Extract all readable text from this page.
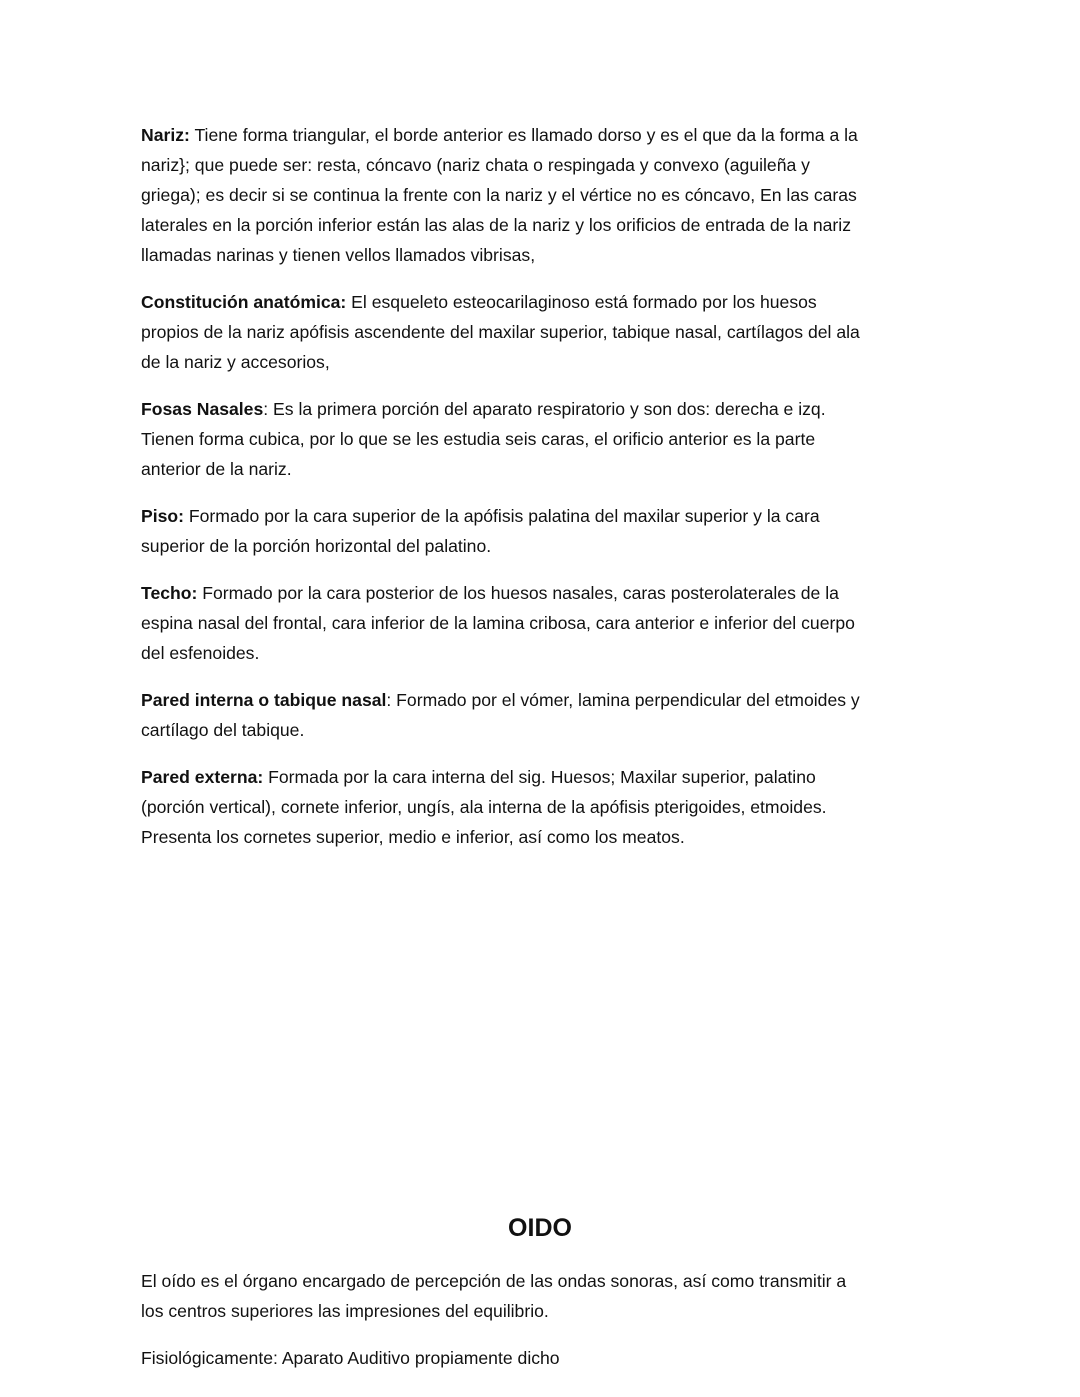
Nariz: Tiene forma triangular, el borde anterior es llamado dorso y es el que da la forma a la
nariz}; que puede ser: resta, cóncavo (nariz chata o respingada y convexo (aguileña y
griega); es decir si se continua la frente con la nariz y el vértice no es cóncavo, En las caras
laterales en la porción inferior están las alas de la nariz y los orificios de entrada de la nariz
llamadas narinas y tienen vellos llamados vibrisas,

Constitución anatómica: El esqueleto esteocarilaginoso está formado por los huesos
propios de la nariz apófisis ascendente del maxilar superior, tabique nasal, cartílagos del ala
de la nariz y accesorios,

Fosas Nasales: Es la primera porción del aparato respiratorio y son dos: derecha e izq.
Tienen forma cubica, por lo que se les estudia seis caras, el orificio anterior es la parte
anterior de la nariz.

Piso: Formado por la cara superior de la apófisis palatina del maxilar superior y la cara
superior de la porción horizontal del palatino.

Techo: Formado por la cara posterior de los huesos nasales, caras posterolaterales de la
espina nasal del frontal, cara inferior de la lamina cribosa, cara anterior e inferior del cuerpo
del esfenoides.

Pared interna o tabique nasal: Formado por el vómer, lamina perpendicular del etmoides y
cartílago del tabique.

Pared externa: Formada por la cara interna del sig. Huesos; Maxilar superior, palatino
(porción vertical), cornete inferior, ungís, ala interna de la apófisis pterigoides, etmoides.
Presenta los cornetes superior, medio e inferior, así como los meatos.

OIDO

El oído es el órgano encargado de percepción de las ondas sonoras, así como transmitir a
los centros superiores las impresiones del equilibrio.

Fisiológicamente: Aparato Auditivo propiamente dicho
